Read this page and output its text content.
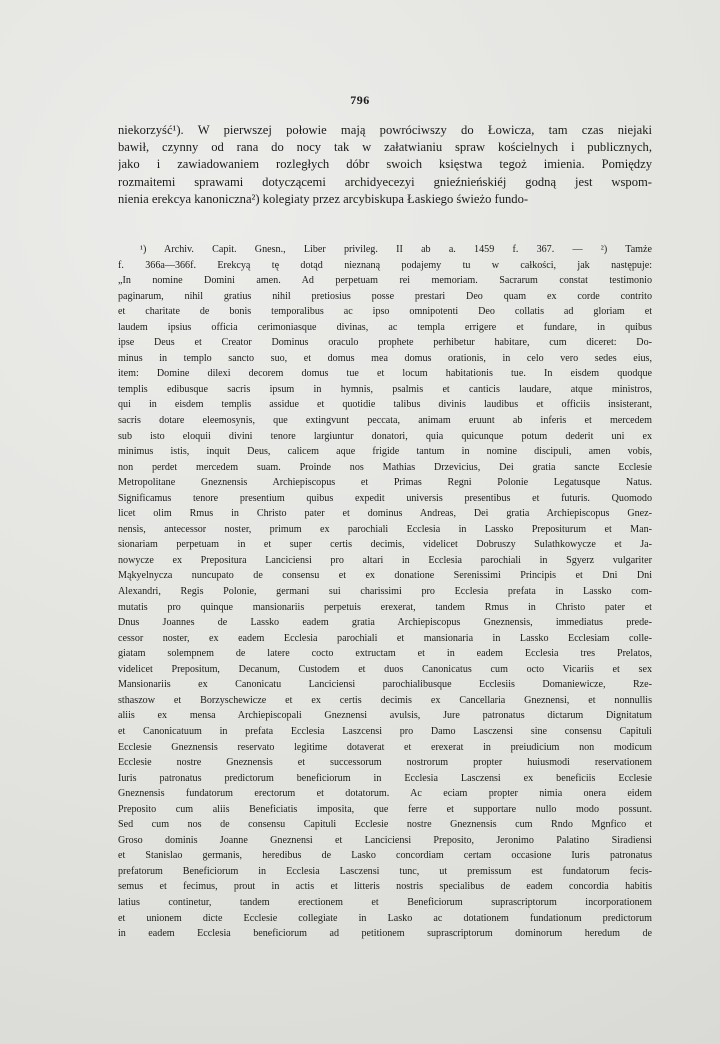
796
niekorzyść¹). W pierwszej połowie mają powróciwszy do Łowicza, tam czas niejaki
bawił, czynny od rana do nocy tak w załatwianiu spraw kościelnych i publicznych,
jako i zawiadowaniem rozległych dóbr swoich księstwa tegoż imienia. Pomiędzy
rozmaitemi sprawami dotyczącemi archidyecezyi gnieźnieńskiéj godną jest wspom-
nienia erekcya kanoniczna²) kolegiaty przez arcybiskupa Łaskiego świeżo fundo-
¹) Archiv. Capit. Gnesn., Liber privileg. II ab a. 1459 f. 367. — ²) Tamże
f. 366a—366f. Erekcyą tę dotąd nieznaną podajemy tu w całkości, jak następuje:
„In nomine Domini amen. Ad perpetuam rei memoriam. Sacrarum constat testimonio
paginarum, nihil gratius nihil pretiosius posse prestari Deo quam ex corde contrito
et charitate de bonis temporalibus ac ipso omnipotenti Deo collatis ad gloriam et
laudem ipsius officia cerimoniasque divinas, ac templa errigere et fundare, in quibus
ipse Deus et Creator Dominus oraculo prophete perhibetur habitare, cum diceret: Do-
minus in templo sancto suo, et domus mea domus orationis, in celo vero sedes eius,
item: Domine dilexi decorem domus tue et locum habitationis tue. In eisdem quodque
templis edibusque sacris ipsum in hymnis, psalmis et canticis laudare, atque ministros,
qui in eisdem templis assidue et quotidie talibus divinis laudibus et officiis insisterant,
sacris dotare eleemosynis, que extingvunt peccata, animam eruunt ab inferis et mercedem
sub isto eloquii divini tenore largiuntur donatori, quia quicunque potum dederit uni ex
minimus istis, inquit Deus, calicem aque frigide tantum in nomine discipuli, amen vobis,
non perdet mercedem suam. Proinde nos Mathias Drzevicius, Dei gratia sancte Ecclesie
Metropolitane Gneznensis Archiepiscopus et Primas Regni Polonie Legatusque Natus.
Significamus tenore presentium quibus expedit universis presentibus et futuris. Quomodo
licet olim Rmus in Christo pater et dominus Andreas, Dei gratia Archiepiscopus Gnez-
nensis, antecessor noster, primum ex parochiali Ecclesia in Lassko Prepositurum et Man-
sionariam perpetuam in et super certis decimis, videlicet Dobruszy Sulathkowycze et Ja-
nowycze ex Prepositura Lanciciensi pro altari in Ecclesia parochiali in Sgyerz vulgariter
Mąkyelnycza nuncupato de consensu et ex donatione Serenissimi Principis et Dni Dni
Alexandri, Regis Polonie, germani sui charissimi pro Ecclesia prefata in Lassko com-
mutatis pro quinque mansionariis perpetuis erexerat, tandem Rmus in Christo pater et
Dnus Joannes de Lassko eadem gratia Archiepiscopus Gneznensis, immediatus prede-
cessor noster, ex eadem Ecclesia parochiali et mansionaria in Lassko Ecclesiam colle-
giatam solempnem de latere cocto extructam et in eadem Ecclesia tres Prelatos,
videlicet Prepositum, Decanum, Custodem et duos Canonicatus cum octo Vicariis et sex
Mansionariis ex Canonicatu Lanciciensi parochialibusque Ecclesiis Domaniewicze, Rze-
sthaszow et Borzyschewicze et ex certis decimis ex Cancellaria Gneznensi, et nonnullis
aliis ex mensa Archiepiscopali Gneznensi avulsis, Jure patronatus dictarum Dignitatum
et Canonicatuum in prefata Ecclesia Laszcensi pro Damo Lasczensi sine consensu Capituli
Ecclesie Gneznensis reservato legitime dotaverat et erexerat in preiudicium non modicum
Ecclesie nostre Gneznensis et successorum nostrorum propter huiusmodi reservationem
Iuris patronatus predictorum beneficiorum in Ecclesia Lasczensi ex beneficiis Ecclesie
Gneznensis fundatorum erectorum et dotatorum. Ac eciam propter nimia onera eidem
Preposito cum aliis Beneficiatis imposita, que ferre et supportare nullo modo possunt.
Sed cum nos de consensu Capituli Ecclesie nostre Gneznensis cum Rndo Mgnfico et
Groso dominis Joanne Gneznensi et Lanciciensi Preposito, Jeronimo Palatino Siradiensi
et Stanislao germanis, heredibus de Lasko concordiam certam occasione Iuris patronatus
prefatorum Beneficiorum in Ecclesia Lasczensi tunc, ut premissum est fundatorum fecis-
semus et fecimus, prout in actis et litteris nostris specialibus de eadem concordia habitis
latius continetur, tandem erectionem et Beneficiorum suprascriptorum incorporationem
et unionem dicte Ecclesie collegiate in Lasko ac dotationem fundationum predictorum
in eadem Ecclesia beneficiorum ad petitionem suprascriptorum dominorum heredum de
